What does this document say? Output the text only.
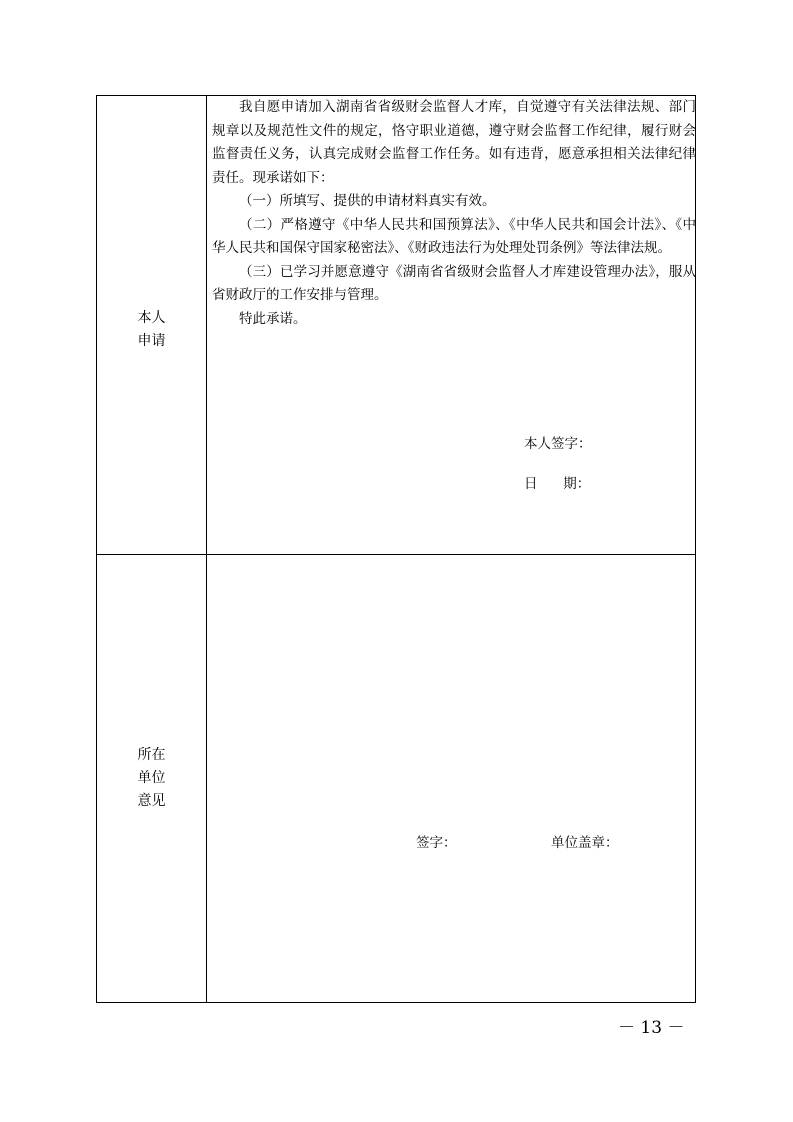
本人
申请

我自愿申请加入湖南省省级财会监督人才库，自觉遵守有关法律法规、部门规章以及规范性文件的规定，恪守职业道德，遵守财会监督工作纪律，履行财会监督责任义务，认真完成财会监督工作任务。如有违背，愿意承担相关法律纪律责任。现承诺如下：

（一）所填写、提供的申请材料真实有效。

（二）严格遵守《中华人民共和国预算法》、《中华人民共和国会计法》、《中华人民共和国保守国家秘密法》、《财政违法行为处理处罚条例》等法律法规。

（三）已学习并愿意遵守《湖南省省级财会监督人才库建设管理办法》，服从省财政厅的工作安排与管理。

特此承诺。

本人签字：
日      期：
所在
单位
意见
签字：	单位盖章：
－ 13 －
